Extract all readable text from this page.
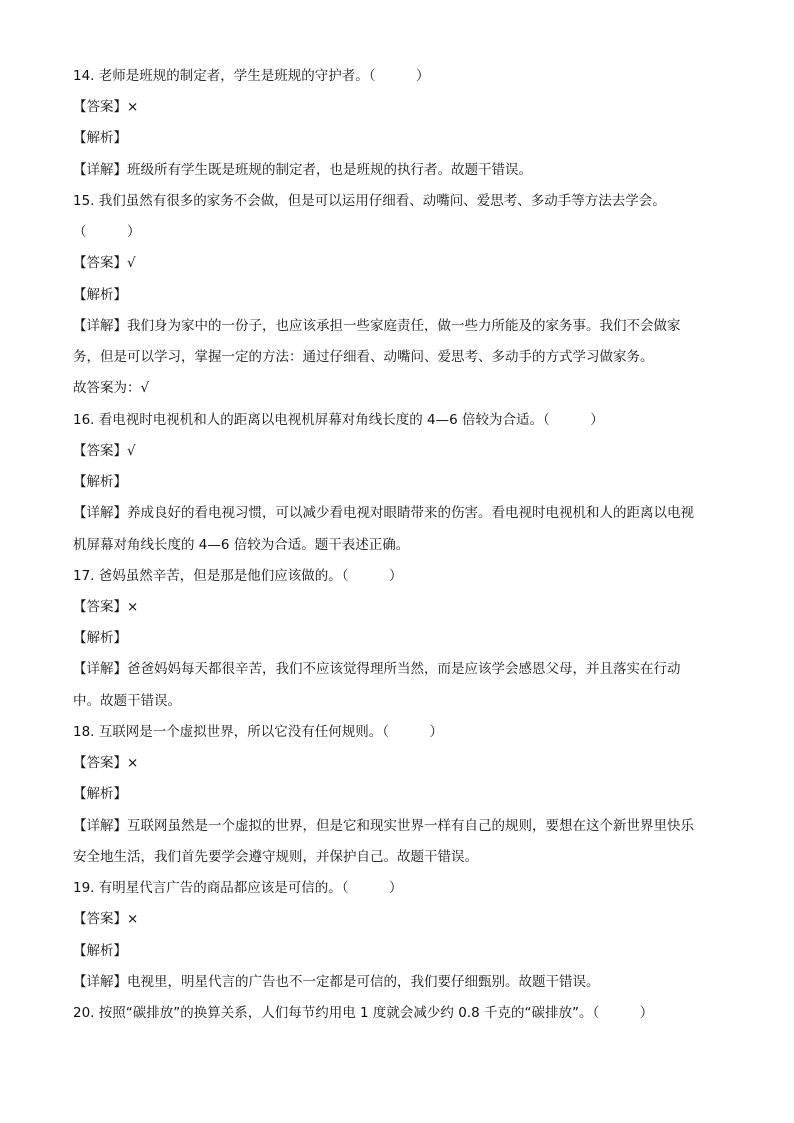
14. 老师是班规的制定者，学生是班规的守护者。（　　　）
【答案】×
【解析】
【详解】班级所有学生既是班规的制定者，也是班规的执行者。故题干错误。
15. 我们虽然有很多的家务不会做，但是可以运用仔细看、动嘴问、爱思考、多动手等方法去学会。
（　　　）
【答案】√
【解析】
【详解】我们身为家中的一份子，也应该承担一些家庭责任，做一些力所能及的家务事。我们不会做家
务，但是可以学习，掌握一定的方法：通过仔细看、动嘴问、爱思考、多动手的方式学习做家务。
故答案为：√
16. 看电视时电视机和人的距离以电视机屏幕对角线长度的 4—6 倍较为合适。（　　　）
【答案】√
【解析】
【详解】养成良好的看电视习惯，可以减少看电视对眼睛带来的伤害。看电视时电视机和人的距离以电视
机屏幕对角线长度的 4—6 倍较为合适。题干表述正确。
17. 爸妈虽然辛苦，但是那是他们应该做的。（　　　）
【答案】×
【解析】
【详解】爸爸妈妈每天都很辛苦，我们不应该觉得理所当然，而是应该学会感恩父母，并且落实在行动
中。故题干错误。
18. 互联网是一个虚拟世界，所以它没有任何规则。（　　　）
【答案】×
【解析】
【详解】互联网虽然是一个虚拟的世界，但是它和现实世界一样有自己的规则，要想在这个新世界里快乐
安全地生活，我们首先要学会遵守规则，并保护自己。故题干错误。
19. 有明星代言广告的商品都应该是可信的。（　　　）
【答案】×
【解析】
【详解】电视里，明星代言的广告也不一定都是可信的，我们要仔细甄别。故题干错误。
20. 按照“碳排放”的换算关系，人们每节约用电 1 度就会减少约 0.8 千克的“碳排放”。（　　　）
